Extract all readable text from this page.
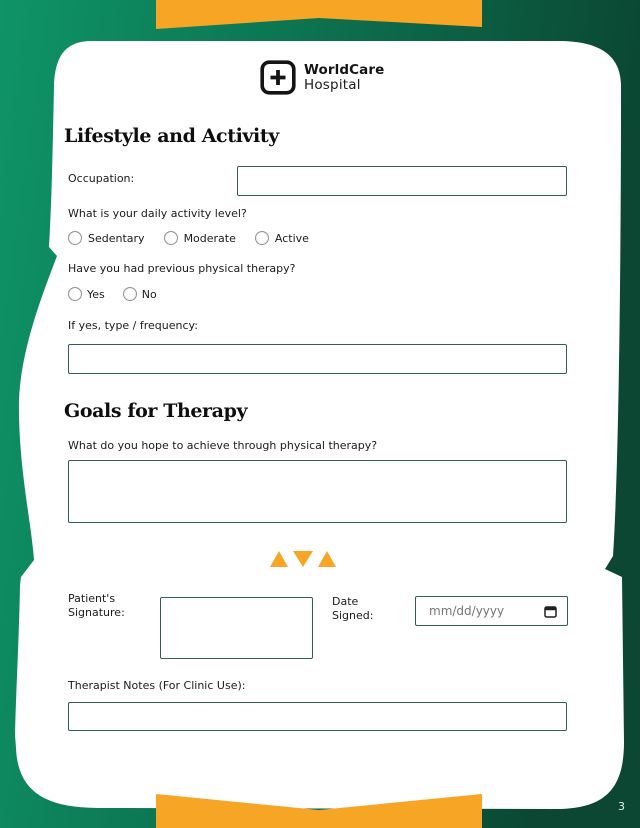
WorldCare
Hospital
Lifestyle and Activity
Occupation:
What is your daily activity level?
Sedentary	Moderate	Active
Have you had previous physical therapy?
Yes	No
If yes, type / frequency:
Goals for Therapy
What do you hope to achieve through physical therapy?
Patient's Signature:
Date Signed:	mm/dd/yyyy
Therapist Notes (For Clinic Use):
3
